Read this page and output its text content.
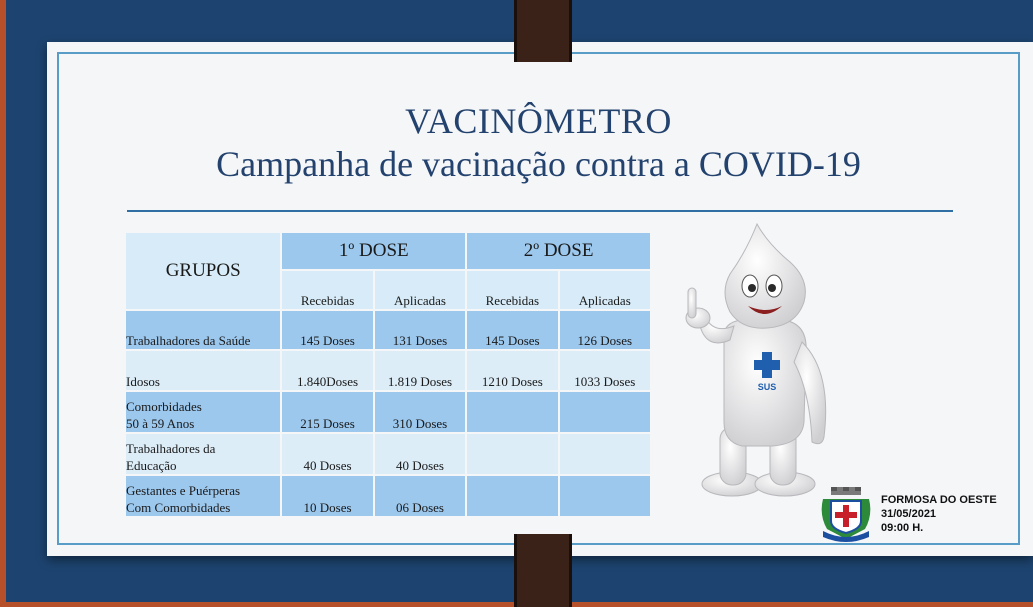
VACINÔMETRO
Campanha de vacinação contra a COVID-19
GRUPOS	1º DOSE		2º DOSE	
	Recebidas	Aplicadas	Recebidas	Aplicadas
Trabalhadores da Saúde	145 Doses	131 Doses	145 Doses	126 Doses
Idosos	1.840Doses	1.819 Doses	1210 Doses	1033 Doses
Comorbidades
50 à 59 Anos	215 Doses	310 Doses		
Trabalhadores da
Educação	40 Doses	40 Doses		
Gestantes e Puérperas
Com Comorbidades	10 Doses	06 Doses		
SUS
FORMOSA DO OESTE
31/05/2021
09:00 H.
